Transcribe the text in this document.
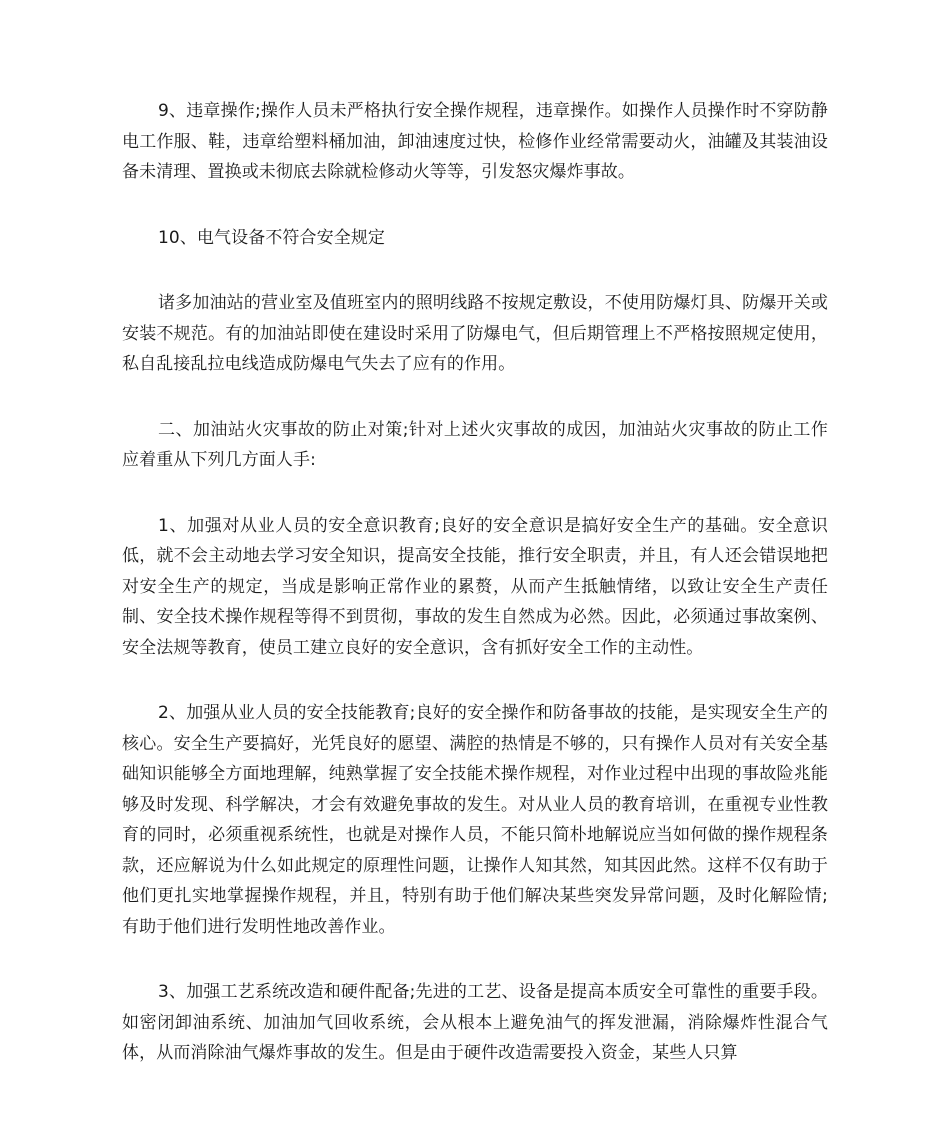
9、违章操作;操作人员未严格执行安全操作规程，违章操作。如操作人员操作时不穿防静电工作服、鞋，违章给塑料桶加油，卸油速度过快，检修作业经常需要动火，油罐及其装油设备未清理、置换或未彻底去除就检修动火等等，引发怒灾爆炸事故。

10、电气设备不符合安全规定

诸多加油站的营业室及值班室内的照明线路不按规定敷设，不使用防爆灯具、防爆开关或安装不规范。有的加油站即使在建设时采用了防爆电气，但后期管理上不严格按照规定使用，私自乱接乱拉电线造成防爆电气失去了应有的作用。

二、加油站火灾事故的防止对策;针对上述火灾事故的成因，加油站火灾事故的防止工作应着重从下列几方面人手:

1、加强对从业人员的安全意识教育;良好的安全意识是搞好安全生产的基础。安全意识低，就不会主动地去学习安全知识，提高安全技能，推行安全职责，并且，有人还会错误地把对安全生产的规定，当成是影响正常作业的累赘，从而产生抵触情绪，以致让安全生产责任制、安全技术操作规程等得不到贯彻，事故的发生自然成为必然。因此，必须通过事故案例、安全法规等教育，使员工建立良好的安全意识，含有抓好安全工作的主动性。

2、加强从业人员的安全技能教育;良好的安全操作和防备事故的技能，是实现安全生产的核心。安全生产要搞好，光凭良好的愿望、满腔的热情是不够的，只有操作人员对有关安全基础知识能够全方面地理解，纯熟掌握了安全技能术操作规程，对作业过程中出现的事故险兆能够及时发现、科学解决，才会有效避免事故的发生。对从业人员的教育培训，在重视专业性教育的同时，必须重视系统性，也就是对操作人员，不能只简朴地解说应当如何做的操作规程条款，还应解说为什么如此规定的原理性问题，让操作人知其然，知其因此然。这样不仅有助于他们更扎实地掌握操作规程，并且，特别有助于他们解决某些突发异常问题，及时化解险情;有助于他们进行发明性地改善作业。

3、加强工艺系统改造和硬件配备;先进的工艺、设备是提高本质安全可靠性的重要手段。如密闭卸油系统、加油加气回收系统，会从根本上避免油气的挥发泄漏，消除爆炸性混合气体，从而消除油气爆炸事故的发生。但是由于硬件改造需要投入资金，某些人只算
